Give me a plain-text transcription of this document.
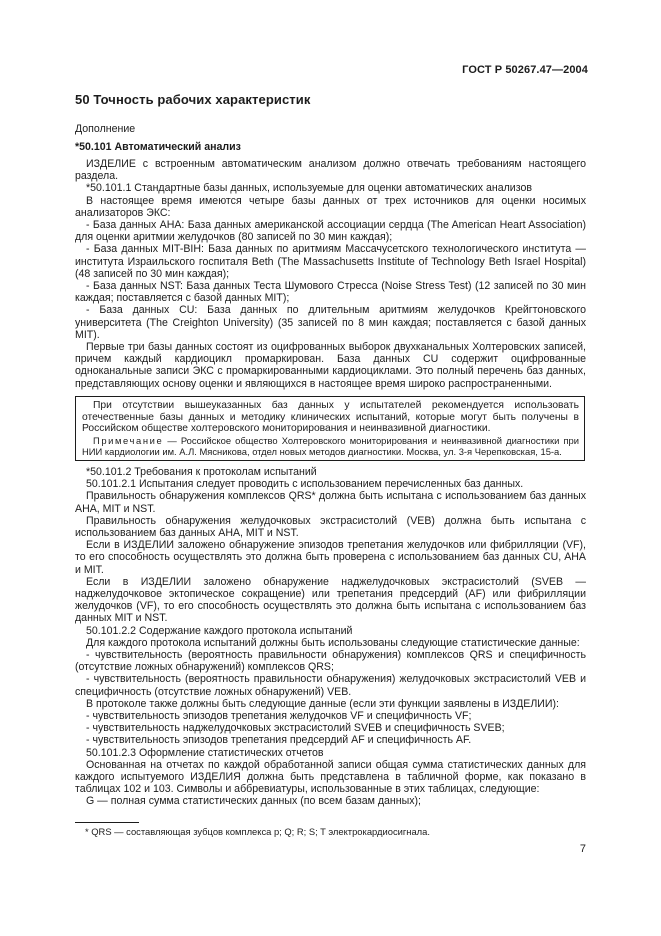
ГОСТ Р 50267.47—2004
50 Точность рабочих характеристик
Дополнение
*50.101 Автоматический анализ

ИЗДЕЛИЕ с встроенным автоматическим анализом должно отвечать требованиям настоящего раздела.

*50.101.1 Стандартные базы данных, используемые для оценки автоматических анализов

В настоящее время имеются четыре базы данных от трех источников для оценки носимых анализаторов ЭКС:

- База данных AHA: База данных американской ассоциации сердца (The American Heart Association) для оценки аритмии желудочков (80 записей по 30 мин каждая);

- База данных MIT-BIH: База данных по аритмиям Массачусетского технологического института — института Израильского госпиталя Beth (The Massachusetts Institute of Technology Beth Israel Hospital) (48 записей по 30 мин каждая);

- База данных NST: База данных Теста Шумового Стресса (Noise Stress Test) (12 записей по 30 мин каждая; поставляется с базой данных MIT);

- База данных CU: База данных по длительным аритмиям желудочков Крейгтоновского университета (The Creighton University) (35 записей по 8 мин каждая; поставляется с базой данных MIT).

Первые три базы данных состоят из оцифрованных выборок двухканальных Холтеровских записей, причем каждый кардиоцикл промаркирован. База данных CU содержит оцифрованные одноканальные записи ЭКС с промаркированными кардиоциклами. Это полный перечень баз данных, представляющих основу оценки и являющихся в настоящее время широко распространенными.

При отсутствии вышеуказанных баз данных у испытателей рекомендуется использовать отечественные базы данных и методику клинических испытаний, которые могут быть получены в Российском обществе холтеровского мониторирования и неинвазивной диагностики.

Примечание — Российское общество Холтеровского мониторирования и неинвазивной диагностики при НИИ кардиологии им. А.Л. Мясникова, отдел новых методов диагностики. Москва, ул. 3-я Черепковская, 15-а.

*50.101.2 Требования к протоколам испытаний

50.101.2.1 Испытания следует проводить с использованием перечисленных баз данных.

Правильность обнаружения комплексов QRS* должна быть испытана с использованием баз данных AHA, MIT и NST.

Правильность обнаружения желудочковых экстрасистолий (VEB) должна быть испытана с использованием баз данных AHA, MIT и NST.

Если в ИЗДЕЛИИ заложено обнаружение эпизодов трепетания желудочков или фибрилляции (VF), то его способность осуществлять это должна быть проверена с использованием баз данных CU, AHA и MIT.

Если в ИЗДЕЛИИ заложено обнаружение наджелудочковых экстрасистолий (SVEB — наджелудочковое эктопическое сокращение) или трепетания предсердий (AF) или фибрилляции желудочков (VF), то его способность осуществлять это должна быть испытана с использованием баз данных MIT и NST.

50.101.2.2 Содержание каждого протокола испытаний

Для каждого протокола испытаний должны быть использованы следующие статистические данные:

- чувствительность (вероятность правильности обнаружения) комплексов QRS и специфичность (отсутствие ложных обнаружений) комплексов QRS;

- чувствительность (вероятность правильности обнаружения) желудочковых экстрасистолий VEB и специфичность (отсутствие ложных обнаружений) VEB.

В протоколе также должны быть следующие данные (если эти функции заявлены в ИЗДЕЛИИ):

- чувствительность эпизодов трепетания желудочков VF и специфичность VF;

- чувствительность наджелудочковых экстрасистолий SVEB и специфичность SVEB;

- чувствительность эпизодов трепетания предсердий AF и специфичность AF.

50.101.2.3 Оформление статистических отчетов

Основанная на отчетах по каждой обработанной записи общая сумма статистических данных для каждого испытуемого ИЗДЕЛИЯ должна быть представлена в табличной форме, как показано в таблицах 102 и 103. Символы и аббревиатуры, использованные в этих таблицах, следующие:

G — полная сумма статистических данных (по всем базам данных);

* QRS — составляющая зубцов комплекса p; Q; R; S; T электрокардиосигнала.
7
